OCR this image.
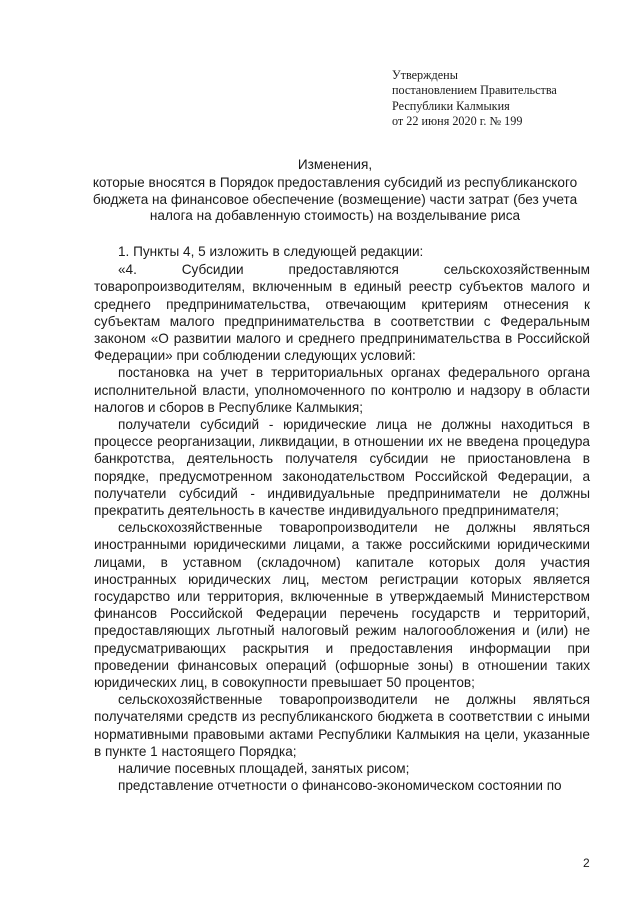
Утверждены
постановлением Правительства
Республики Калмыкия
от 22 июня 2020 г. № 199
Изменения,
которые вносятся в Порядок предоставления субсидий из республиканского бюджета на финансовое обеспечение (возмещение) части затрат (без учета налога на добавленную стоимость) на возделывание риса

1. Пункты 4, 5 изложить в следующей редакции:

«4. Субсидии предоставляются сельскохозяйственным товаропроизводителям, включенным в единый реестр субъектов малого и среднего предпринимательства, отвечающим критериям отнесения к субъектам малого предпринимательства в соответствии с Федеральным законом «О развитии малого и среднего предпринимательства в Российской Федерации» при соблюдении следующих условий:

постановка на учет в территориальных органах федерального органа исполнительной власти, уполномоченного по контролю и надзору в области налогов и сборов в Республике Калмыкия;

получатели субсидий - юридические лица не должны находиться в процессе реорганизации, ликвидации, в отношении их не введена процедура банкротства, деятельность получателя субсидии не приостановлена в порядке, предусмотренном законодательством Российской Федерации, а получатели субсидий - индивидуальные предприниматели не должны прекратить деятельность в качестве индивидуального предпринимателя;

сельскохозяйственные товаропроизводители не должны являться иностранными юридическими лицами, а также российскими юридическими лицами, в уставном (складочном) капитале которых доля участия иностранных юридических лиц, местом регистрации которых является государство или территория, включенные в утверждаемый Министерством финансов Российской Федерации перечень государств и территорий, предоставляющих льготный налоговый режим налогообложения и (или) не предусматривающих раскрытия и предоставления информации при проведении финансовых операций (офшорные зоны) в отношении таких юридических лиц, в совокупности превышает 50 процентов;

сельскохозяйственные товаропроизводители не должны являться получателями средств из республиканского бюджета в соответствии с иными нормативными правовыми актами Республики Калмыкия на цели, указанные в пункте 1 настоящего Порядка;

наличие посевных площадей, занятых рисом;

представление отчетности о финансово-экономическом состоянии по

2
